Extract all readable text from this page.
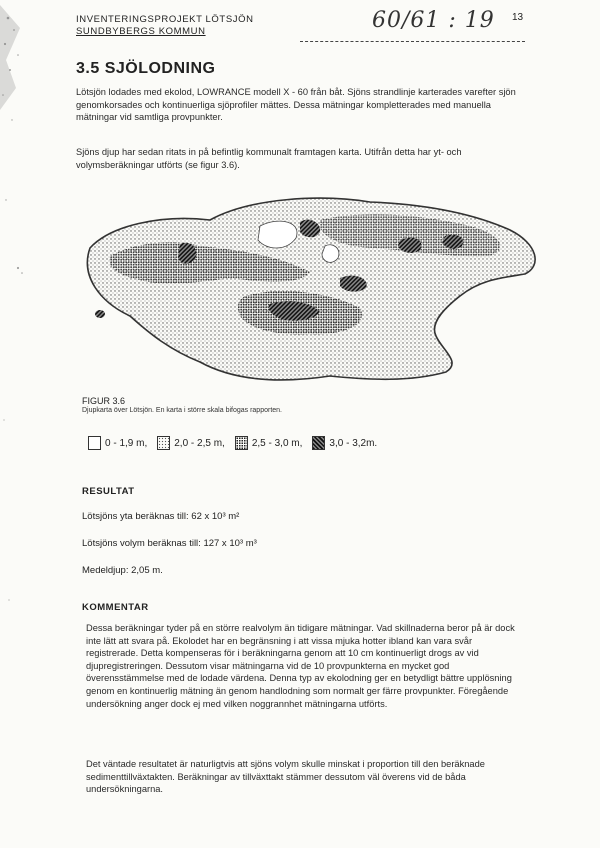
INVENTERINGSPROJEKT LÖTSJÖN
SUNDBYBERGS KOMMUN	60/61 : 19 13
3.5 SJÖLODNING

Lötsjön lodades med ekolod, LOWRANCE modell X - 60 från båt. Sjöns strandlinje karterades varefter sjön genomkorsades och kontinuerliga sjöprofiler mättes. Dessa mätningar kompletterades med manuella mätningar vid samtliga provpunkter.

Sjöns djup har sedan ritats in på befintlig kommunalt framtagen karta. Utifrån detta har yt- och volymsberäkningar utförts (se figur 3.6).

FIGUR 3.6
Djupkarta över Lötsjön. En karta i större skala bifogas rapporten.
0 - 1,9 m,	2,0 - 2,5 m,	2,5 - 3,0 m,	3,0 - 3,2m.
RESULTAT
Lötsjöns yta beräknas till: 62 x 10³ m²
Lötsjöns volym beräknas till: 127 x 10³ m³
Medeldjup: 2,05 m.
KOMMENTAR

Dessa beräkningar tyder på en större realvolym än tidigare mätningar. Vad skillnaderna beror på är dock inte lätt att svara på. Ekolodet har en begränsning i att vissa mjuka hotter ibland kan vara svår registrerade. Detta kompenseras för i beräkningarna genom att 10 cm kontinuerligt drogs av vid djupregistreringen. Dessutom visar mätningarna vid de 10 provpunkterna en mycket god överensstämmelse med de lodade värdena. Denna typ av ekolodning ger en betydligt bättre upplösning genom en kontinuerlig mätning än genom handlodning som normalt ger färre provpunkter. Föregående undersökning anger dock ej med vilken noggrannhet mätningarna utförts.

Det väntade resultatet är naturligtvis att sjöns volym skulle minskat i proportion till den beräknade sedimenttillväxtakten. Beräkningar av tillväxttakt stämmer dessutom väl överens vid de båda undersökningarna.
